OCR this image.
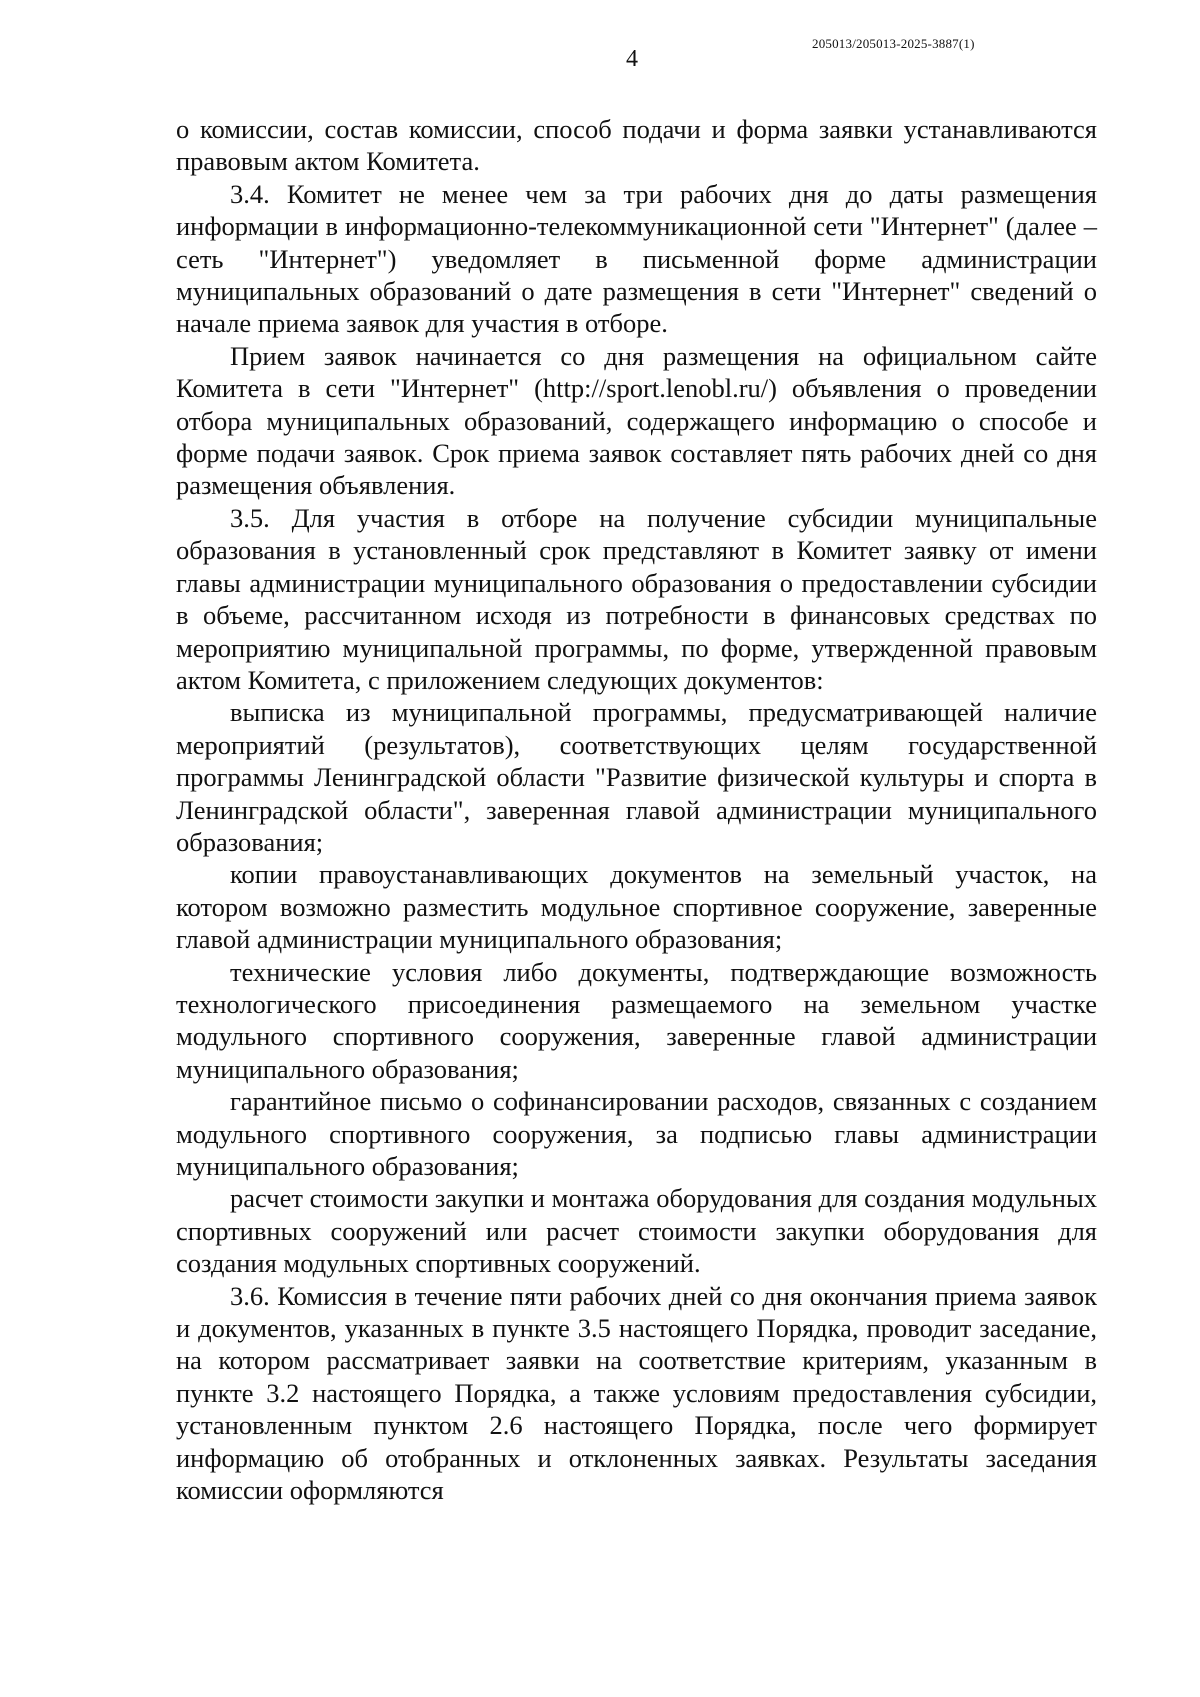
205013/205013-2025-3887(1)
4

о комиссии, состав комиссии, способ подачи и форма заявки устанавливаются правовым актом Комитета.

3.4. Комитет не менее чем за три рабочих дня до даты размещения информации в информационно-телекоммуникационной сети "Интернет" (далее – сеть "Интернет") уведомляет в письменной форме администрации муниципальных образований о дате размещения в сети "Интернет" сведений о начале приема заявок для участия в отборе.

Прием заявок начинается со дня размещения на официальном сайте Комитета в сети "Интернет" (http://sport.lenobl.ru/) объявления о проведении отбора муниципальных образований, содержащего информацию о способе и форме подачи заявок. Срок приема заявок составляет пять рабочих дней со дня размещения объявления.

3.5. Для участия в отборе на получение субсидии муниципальные образования в установленный срок представляют в Комитет заявку от имени главы администрации муниципального образования о предоставлении субсидии в объеме, рассчитанном исходя из потребности в финансовых средствах по мероприятию муниципальной программы, по форме, утвержденной правовым актом Комитета, с приложением следующих документов:

выписка из муниципальной программы, предусматривающей наличие мероприятий (результатов), соответствующих целям государственной программы Ленинградской области "Развитие физической культуры и спорта в Ленинградской области", заверенная главой администрации муниципального образования;

копии правоустанавливающих документов на земельный участок, на котором возможно разместить модульное спортивное сооружение, заверенные главой администрации муниципального образования;

технические условия либо документы, подтверждающие возможность технологического присоединения размещаемого на земельном участке модульного спортивного сооружения, заверенные главой администрации муниципального образования;

гарантийное письмо о софинансировании расходов, связанных с созданием модульного спортивного сооружения, за подписью главы администрации муниципального образования;

расчет стоимости закупки и монтажа оборудования для создания модульных спортивных сооружений или расчет стоимости закупки оборудования для создания модульных спортивных сооружений.

3.6. Комиссия в течение пяти рабочих дней со дня окончания приема заявок и документов, указанных в пункте 3.5 настоящего Порядка, проводит заседание, на котором рассматривает заявки на соответствие критериям, указанным в пункте 3.2 настоящего Порядка, а также условиям предоставления субсидии, установленным пунктом 2.6 настоящего Порядка, после чего формирует информацию об отобранных и отклоненных заявках. Результаты заседания комиссии оформляются
